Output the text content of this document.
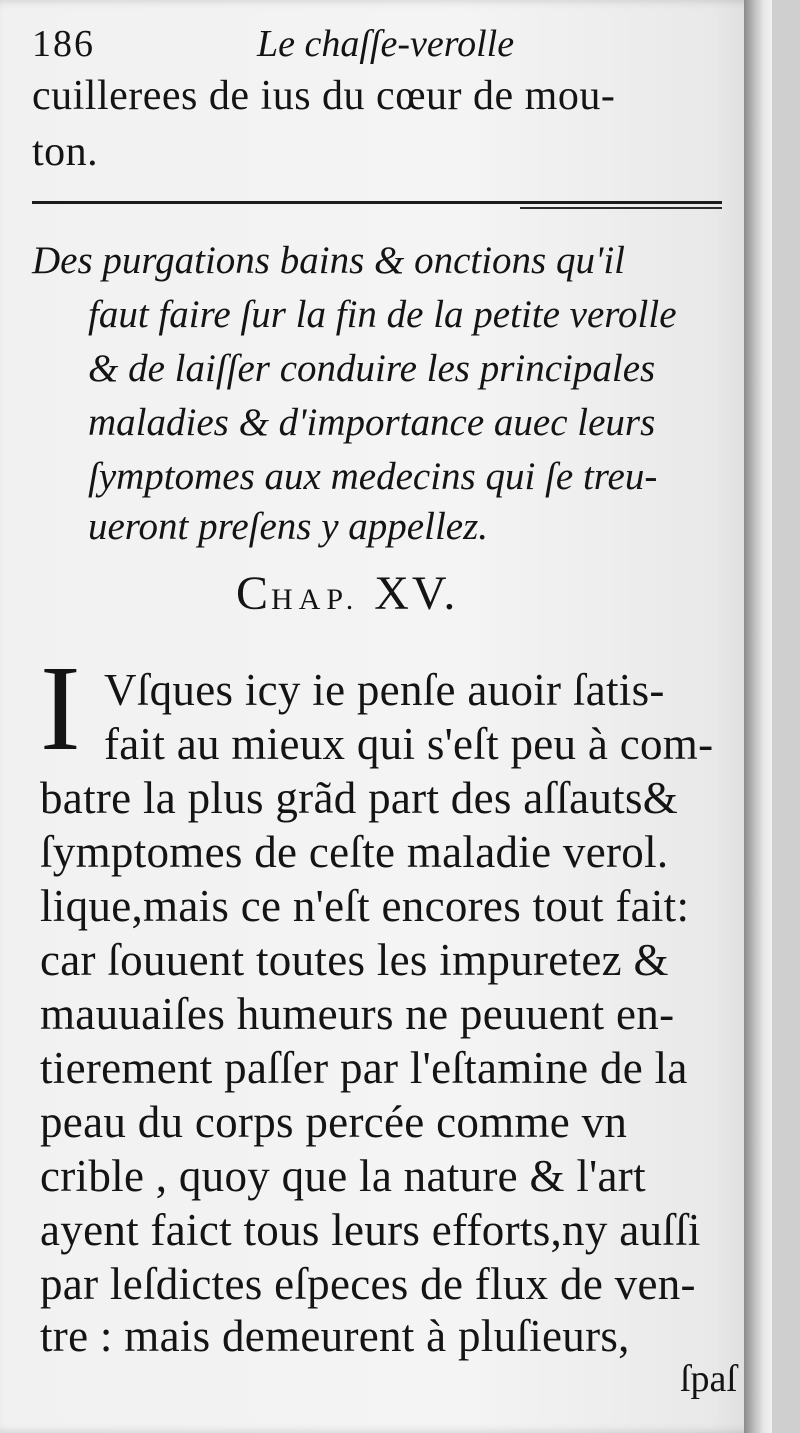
186	Le chaſſe-verolle
cuillerees de ius du cœur de mou-
ton.
Des purgations bains & onctions qu'il
faut faire ſur la fin de la petite verolle
& de laiſſer conduire les principales
maladies & d'importance auec leurs
ſymptomes aux medecins qui ſe treu-
ueront preſens y appellez.
CHAP. XV.
I Vſques icy ie penſe auoir ſatis-
fait au mieux qui s'eſt peu à com-
batre la plus grãd part des aſſauts&
ſymptomes de ceſte maladie verol.
lique,mais ce n'eſt encores tout fait:
car ſouuent toutes les impuretez &
mauuaiſes humeurs ne peuuent en-
tierement paſſer par l'eſtamine de la
peau du corps percée comme vn
crible , quoy que la nature & l'art
ayent faict tous leurs efforts,ny auſſi
par leſdictes eſpeces de flux de ven-
tre : mais demeurent à pluſieurs,
ſpaſ
